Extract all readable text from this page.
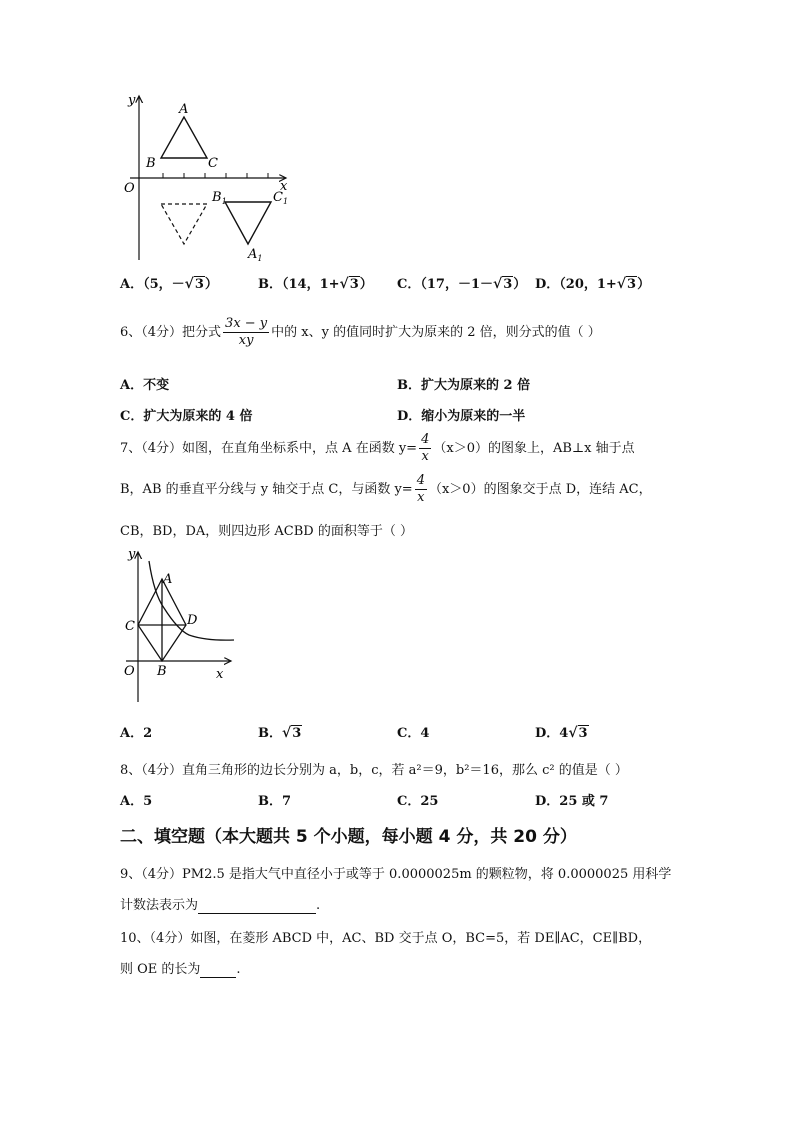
y
x
O
A
B	C
$B_1$	$C_1$
$A_1$
A．（5，－√3）	B．（14，1+√3） C．（17，－1－√3） D．（20，1+√3）
6、（4分）把分式 $\frac{3x - y}{xy}$ 中的 x、y 的值同时扩大为原来的 2 倍，则分式的值（ ）
A．不变	B．扩大为原来的 2 倍
C．扩大为原来的 4 倍	D．缩小为原来的一半
7、（4分）如图，在直角坐标系中，点 A 在函数 $y= \frac{4}{x} (x>0)$的图象上，AB⊥x 轴于点
B，AB 的垂直平分线与 y 轴交于点 C，与函数 $y= \frac{4}{x} (x>0)$的图象交于点 D，连结 AC，
CB，BD，DA，则四边形 ACBD 的面积等于（ ）
y
x
O
A
B
C	D
A．2	B．√3	C．4	D．4√3
8、（4分）直角三角形的边长分别为 a，b，c，若 a²＝9，b²＝16，那么 c² 的值是（ ）
A．5	B．7	C．25	D．25 或 7
二、填空题（本大题共 5 个小题，每小题 4 分，共 20 分）
9、（4分）PM2.5 是指大气中直径小于或等于 0.0000025m 的颗粒物，将 0.0000025 用科学
计数法表示为	.
10、（4分）如图，在菱形 ABCD 中，AC、BD 交于点 O，BC=5，若 DE∥AC，CE∥BD，
则 OE 的长为	.
